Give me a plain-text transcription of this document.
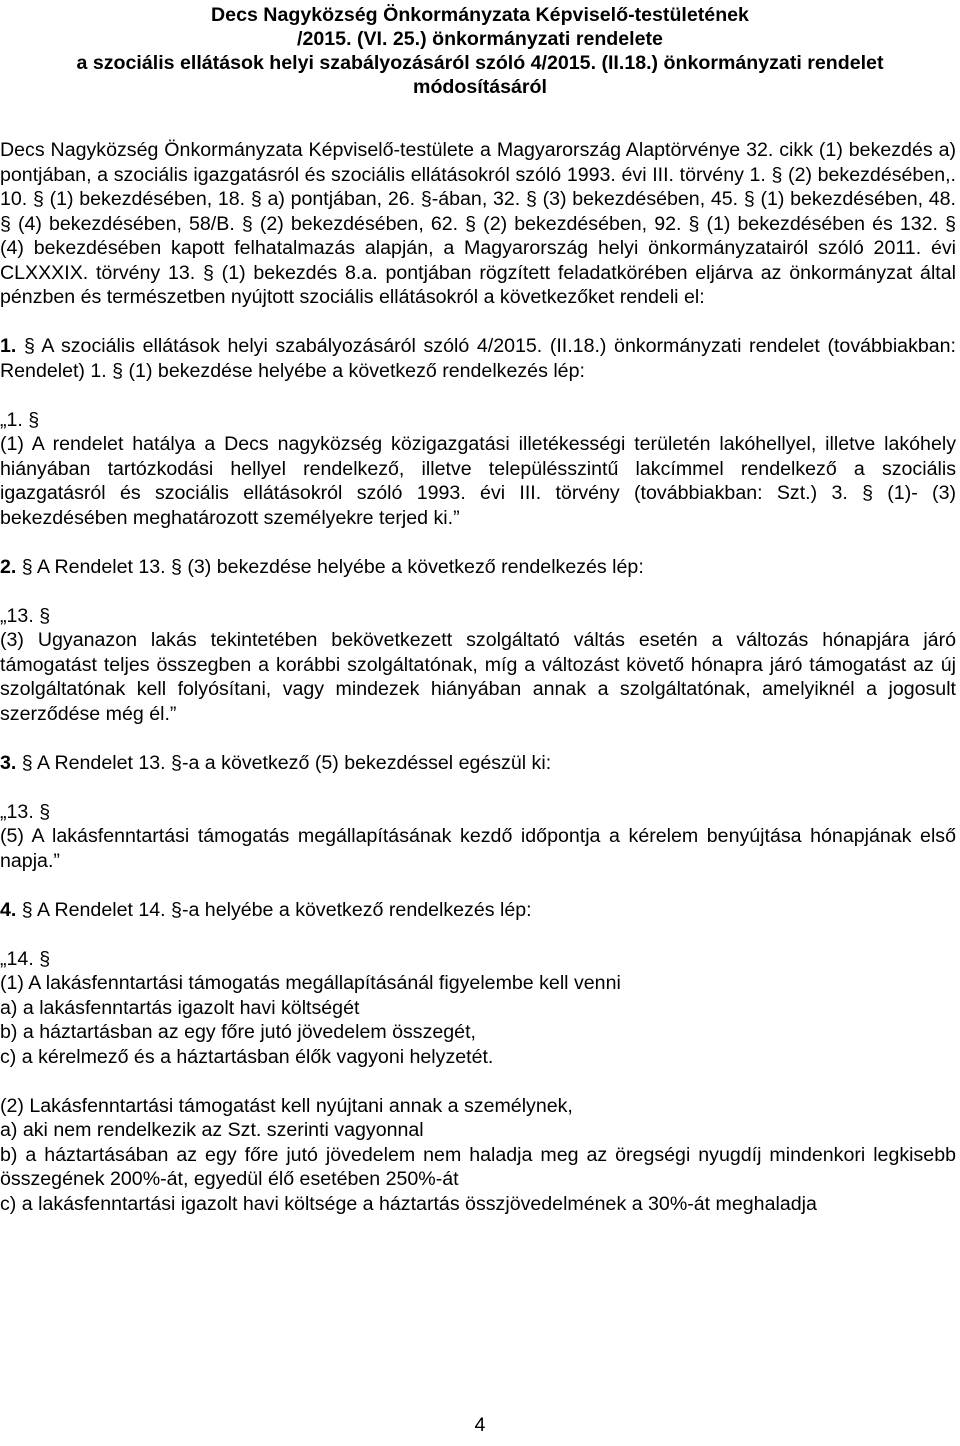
Decs Nagyközség Önkormányzata Képviselő-testületének
/2015. (VI. 25.) önkormányzati rendelete
a szociális ellátások helyi szabályozásáról szóló 4/2015. (II.18.) önkormányzati rendelet
módosításáról

Decs Nagyközség Önkormányzata Képviselő-testülete a Magyarország Alaptörvénye 32. cikk (1) bekezdés a) pontjában, a szociális igazgatásról és szociális ellátásokról szóló 1993. évi III. törvény 1. § (2) bekezdésében,. 10. § (1) bekezdésében, 18. § a) pontjában, 26. §-ában, 32. § (3) bekezdésében, 45. § (1) bekezdésében, 48. § (4) bekezdésében, 58/B. § (2) bekezdésében, 62. § (2) bekezdésében, 92. § (1) bekezdésében és 132. § (4) bekezdésében kapott felhatalmazás alapján, a Magyarország helyi önkormányzatairól szóló 2011. évi CLXXXIX. törvény 13. § (1) bekezdés 8.a. pontjában rögzített feladatkörében eljárva az önkormányzat által pénzben és természetben nyújtott szociális ellátásokról a következőket rendeli el:

1. § A szociális ellátások helyi szabályozásáról szóló 4/2015. (II.18.) önkormányzati rendelet (továbbiakban: Rendelet) 1. § (1) bekezdése helyébe a következő rendelkezés lép:

„1. §

(1) A rendelet hatálya a Decs nagyközség közigazgatási illetékességi területén lakóhellyel, illetve lakóhely hiányában tartózkodási hellyel rendelkező, illetve településszintű lakcímmel rendelkező a szociális igazgatásról és szociális ellátásokról szóló 1993. évi III. törvény (továbbiakban: Szt.) 3. § (1)- (3) bekezdésében meghatározott személyekre terjed ki.”

2. § A Rendelet 13. § (3) bekezdése helyébe a következő rendelkezés lép:

„13. §

(3) Ugyanazon lakás tekintetében bekövetkezett szolgáltató váltás esetén a változás hónapjára járó támogatást teljes összegben a korábbi szolgáltatónak, míg a változást követő hónapra járó támogatást az új szolgáltatónak kell folyósítani, vagy mindezek hiányában annak a szolgáltatónak, amelyiknél a jogosult szerződése még él.”

3. § A Rendelet 13. §-a a következő (5) bekezdéssel egészül ki:

„13. §

(5) A lakásfenntartási támogatás megállapításának kezdő időpontja a kérelem benyújtása hónapjának első napja.”

4. § A Rendelet 14. §-a helyébe a következő rendelkezés lép:

„14. §

(1) A lakásfenntartási támogatás megállapításánál figyelembe kell venni

a) a lakásfenntartás igazolt havi költségét

b) a háztartásban az egy főre jutó jövedelem összegét,

c) a kérelmező és a háztartásban élők vagyoni helyzetét.

(2) Lakásfenntartási támogatást kell nyújtani annak a személynek,

a) aki nem rendelkezik az Szt. szerinti vagyonnal

b) a háztartásában az egy főre jutó jövedelem nem haladja meg az öregségi nyugdíj mindenkori legkisebb összegének 200%-át, egyedül élő esetében 250%-át

c) a lakásfenntartási igazolt havi költsége a háztartás összjövedelmének a 30%-át meghaladja

4
